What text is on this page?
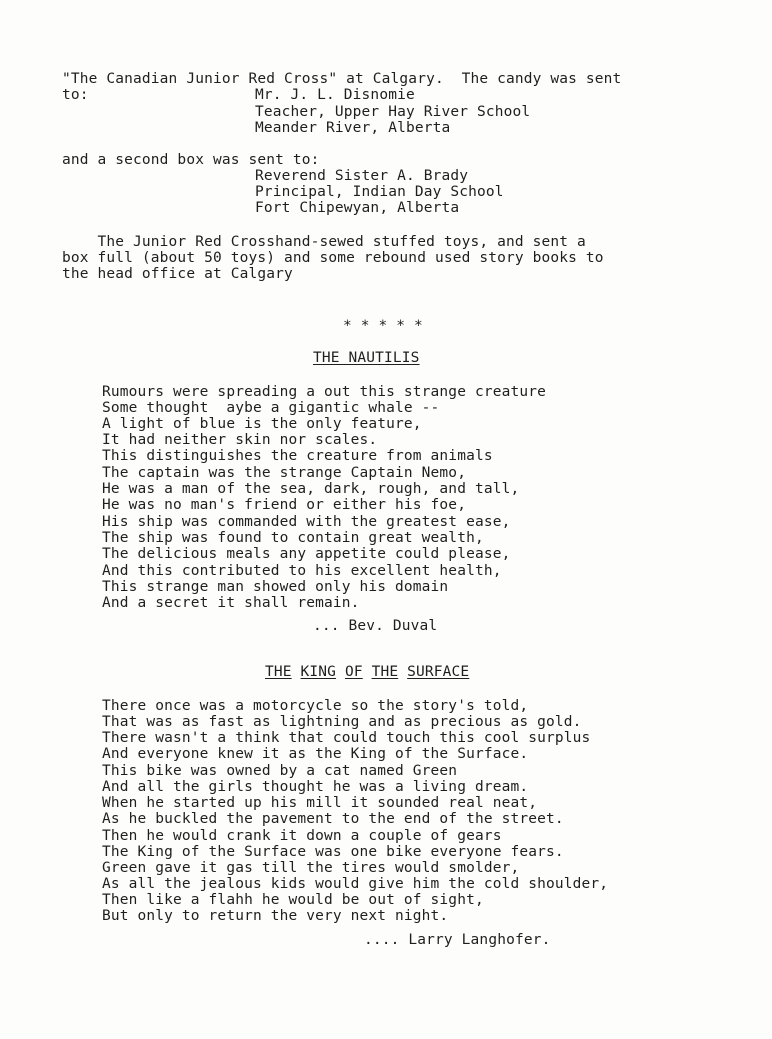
"The Canadian Junior Red Cross" at Calgary.  The candy was sent
to:	Mr. J. L. Disnomie
Teacher, Upper Hay River School
Meander River, Alberta
and a second box was sent to:
Reverend Sister A. Brady
Principal, Indian Day School
Fort Chipewyan, Alberta
The Junior Red Crosshand-sewed stuffed toys, and sent a
box full (about 50 toys) and some rebound used story books to
the head office at Calgary
* * * * *
THE NAUTILIS
Rumours were spreading a out this strange creature
Some thought  aybe a gigantic whale --
A light of blue is the only feature,
It had neither skin nor scales.
This distinguishes the creature from animals
The captain was the strange Captain Nemo,
He was a man of the sea, dark, rough, and tall,
He was no man's friend or either his foe,
His ship was commanded with the greatest ease,
The ship was found to contain great wealth,
The delicious meals any appetite could please,
And this contributed to his excellent health,
This strange man showed only his domain
And a secret it shall remain.
... Bev. Duval
THE KING OF THE SURFACE
There once was a motorcycle so the story's told,
That was as fast as lightning and as precious as gold.
There wasn't a think that could touch this cool surplus
And everyone knew it as the King of the Surface.
This bike was owned by a cat named Green
And all the girls thought he was a living dream.
When he started up his mill it sounded real neat,
As he buckled the pavement to the end of the street.
Then he would crank it down a couple of gears
The King of the Surface was one bike everyone fears.
Green gave it gas till the tires would smolder,
As all the jealous kids would give him the cold shoulder,
Then like a flahh he would be out of sight,
But only to return the very next night.
.... Larry Langhofer.
